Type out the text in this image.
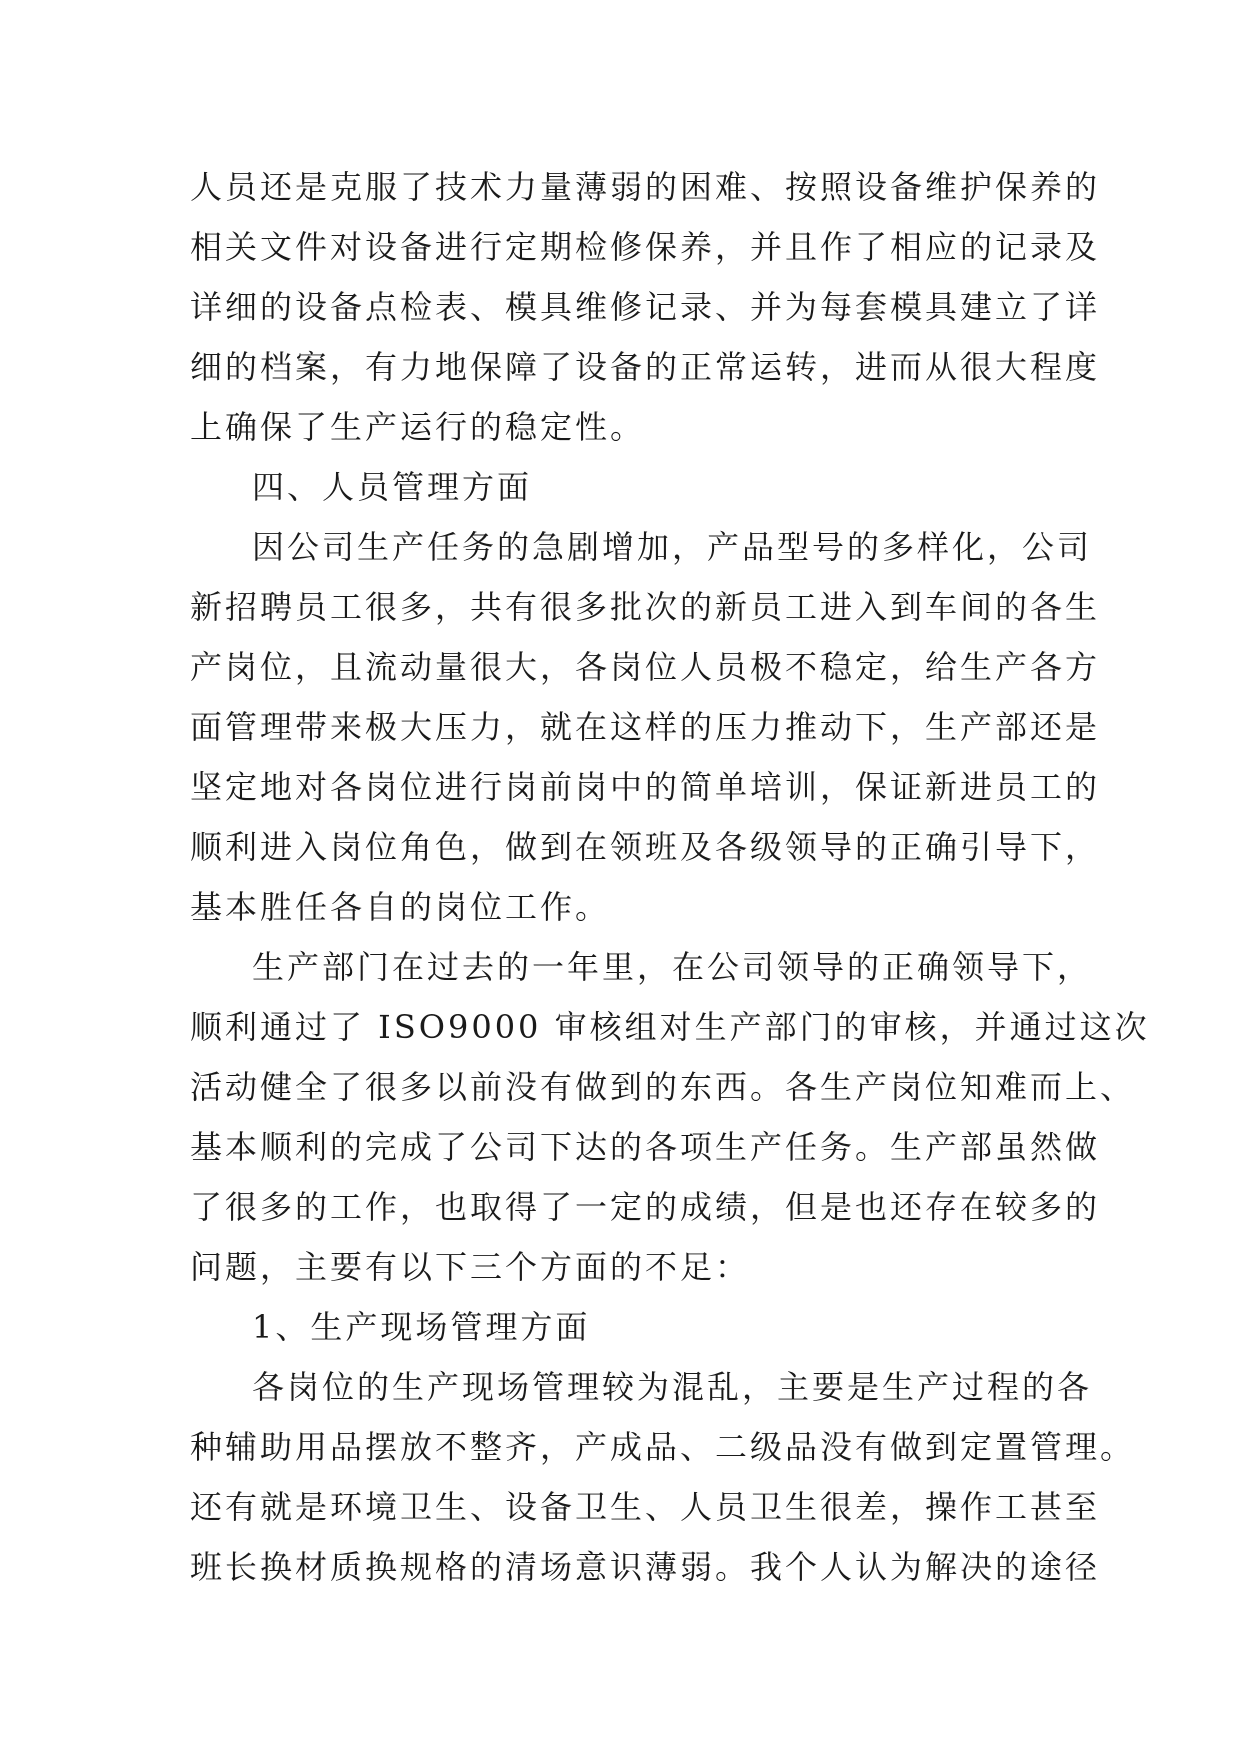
人员还是克服了技术力量薄弱的困难、按照设备维护保养的
相关文件对设备进行定期检修保养，并且作了相应的记录及
详细的设备点检表、模具维修记录、并为每套模具建立了详
细的档案，有力地保障了设备的正常运转，进而从很大程度
上确保了生产运行的稳定性。
四、人员管理方面
因公司生产任务的急剧增加，产品型号的多样化，公司
新招聘员工很多，共有很多批次的新员工进入到车间的各生
产岗位，且流动量很大，各岗位人员极不稳定，给生产各方
面管理带来极大压力，就在这样的压力推动下，生产部还是
坚定地对各岗位进行岗前岗中的简单培训，保证新进员工的
顺利进入岗位角色，做到在领班及各级领导的正确引导下，
基本胜任各自的岗位工作。
生产部门在过去的一年里，在公司领导的正确领导下，
顺利通过了 ISO9000 审核组对生产部门的审核，并通过这次
活动健全了很多以前没有做到的东西。各生产岗位知难而上、
基本顺利的完成了公司下达的各项生产任务。生产部虽然做
了很多的工作，也取得了一定的成绩，但是也还存在较多的
问题，主要有以下三个方面的不足：
1、生产现场管理方面
各岗位的生产现场管理较为混乱，主要是生产过程的各
种辅助用品摆放不整齐，产成品、二级品没有做到定置管理。
还有就是环境卫生、设备卫生、人员卫生很差，操作工甚至
班长换材质换规格的清场意识薄弱。我个人认为解决的途径
